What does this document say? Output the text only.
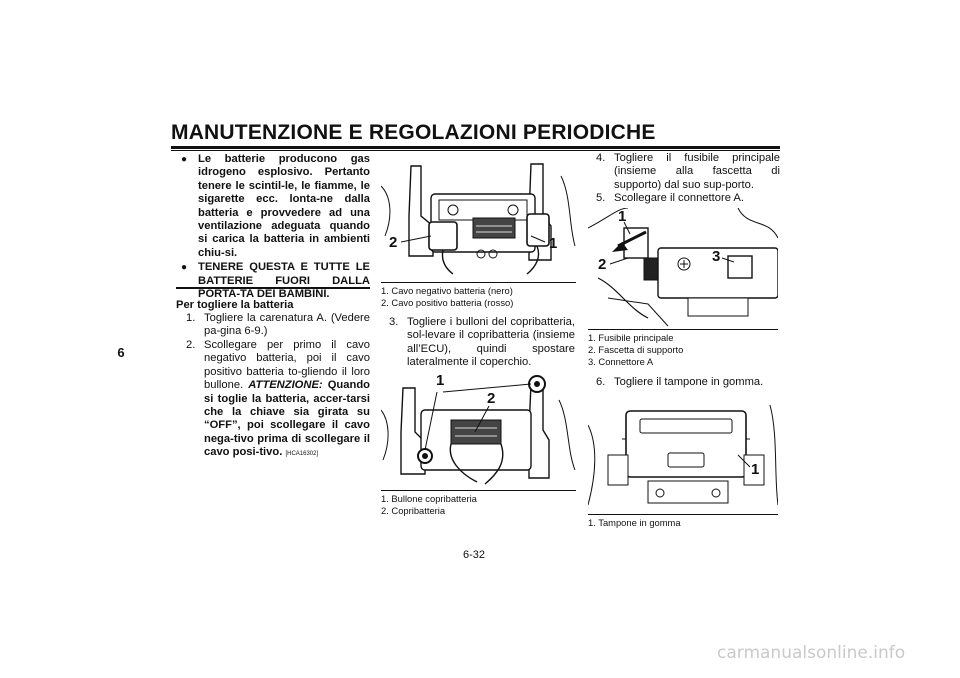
MANUTENZIONE E REGOLAZIONI PERIODICHE
6
● Le batterie producono gas idrogeno esplosivo. Pertanto tenere le scintil-le, le fiamme, le sigarette ecc. lonta-ne dalla batteria e provvedere ad una ventilazione adeguata quando si carica la batteria in ambienti chiu-si.
● TENERE QUESTA E TUTTE LE BATTERIE FUORI DALLA PORTA-TA DEI BAMBINI.
Per togliere la batteria
1. Togliere la carenatura A. (Vedere pa-gina 6-9.)
2. Scollegare per primo il cavo negativo batteria, poi il cavo positivo batteria to-gliendo il loro bullone. ATTENZIONE: Quando si toglie la batteria, accer-tarsi che la chiave sia girata su “OFF”, poi scollegare il cavo nega-tivo prima di scollegare il cavo posi-tivo. [HCA16302]
2	1
1. Cavo negativo batteria (nero)
2. Cavo positivo batteria (rosso)
3. Togliere i bulloni del copribatteria, sol-levare il copribatteria (insieme all’ECU), quindi spostare lateralmente il coperchio.
1
2
1. Bullone copribatteria
2. Copribatteria
4. Togliere il fusibile principale (insieme alla fascetta di supporto) dal suo sup-porto.
5. Scollegare il connettore A.
1
2	3
1. Fusibile principale
2. Fascetta di supporto
3. Connettore A
6. Togliere il tampone in gomma.
1
1. Tampone in gomma
6-32
carmanualsonline.info
